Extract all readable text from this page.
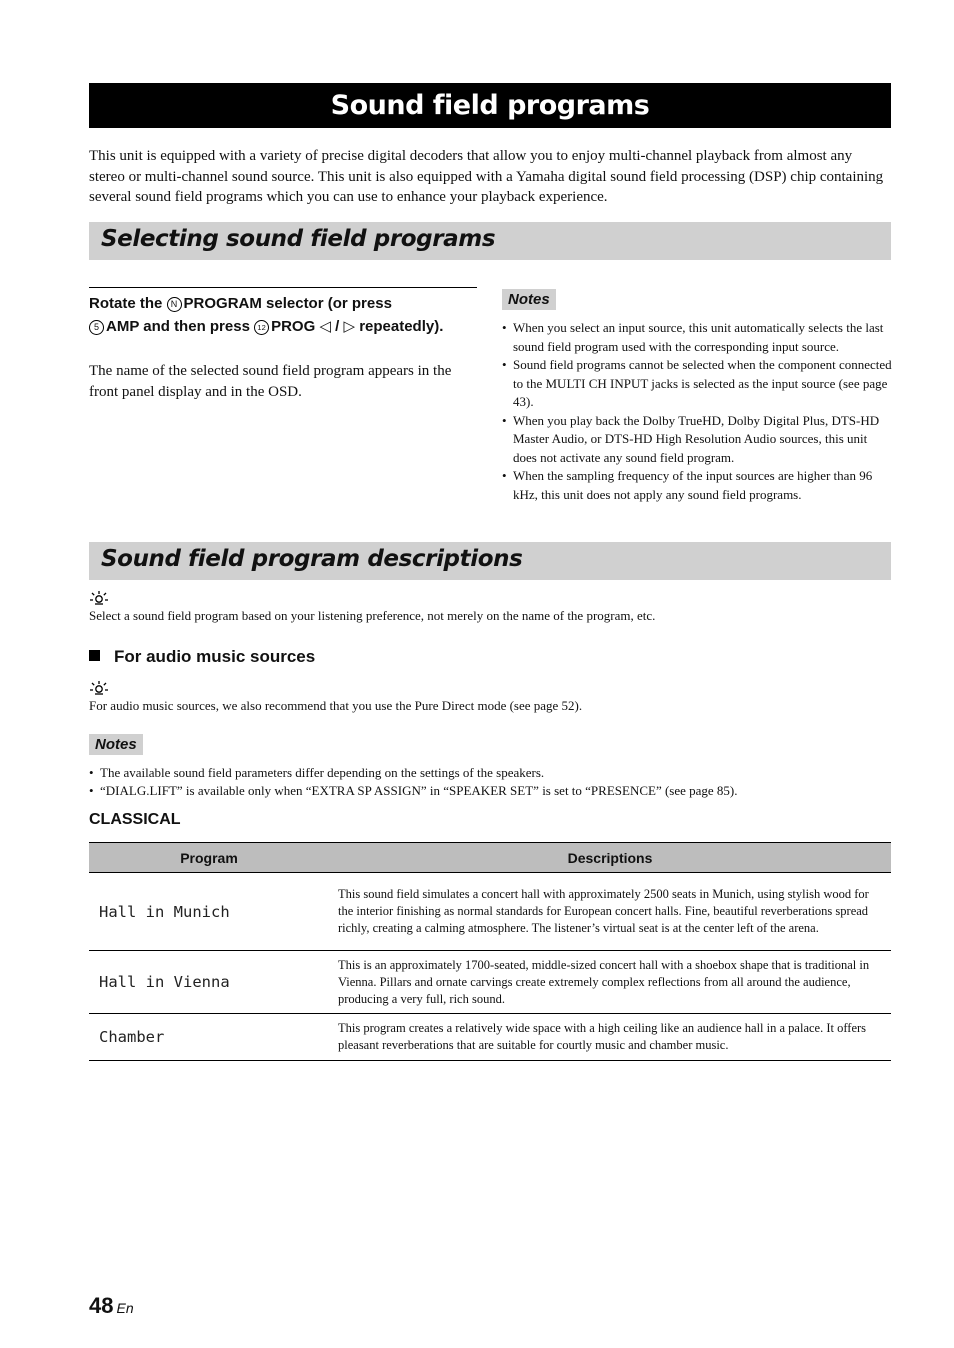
Sound field programs
This unit is equipped with a variety of precise digital decoders that allow you to enjoy multi-channel playback from almost any stereo or multi-channel sound source. This unit is also equipped with a Yamaha digital sound field processing (DSP) chip containing several sound field programs which you can use to enhance your playback experience.
Selecting sound field programs
Rotate the N PROGRAM selector (or press
5 AMP and then press 12 PROG ◁ / ▷ repeatedly).
The name of the selected sound field program appears in the front panel display and in the OSD.
Notes
• When you select an input source, this unit automatically selects the last sound field program used with the corresponding input source.
• Sound field programs cannot be selected when the component connected to the MULTI CH INPUT jacks is selected as the input source (see page 43).
• When you play back the Dolby TrueHD, Dolby Digital Plus, DTS-HD Master Audio, or DTS-HD High Resolution Audio sources, this unit does not activate any sound field program.
• When the sampling frequency of the input sources are higher than 96 kHz, this unit does not apply any sound field programs.
Sound field program descriptions
Select a sound field program based on your listening preference, not merely on the name of the program, etc.
For audio music sources
For audio music sources, we also recommend that you use the Pure Direct mode (see page 52).
Notes
• The available sound field parameters differ depending on the settings of the speakers.
• “DIALG.LIFT” is available only when “EXTRA SP ASSIGN” in “SPEAKER SET” is set to “PRESENCE” (see page 85).
CLASSICAL
Program	Descriptions
Hall in Munich	This sound field simulates a concert hall with approximately 2500 seats in Munich, using stylish wood for the interior finishing as normal standards for European concert halls. Fine, beautiful reverberations spread richly, creating a calming atmosphere. The listener’s virtual seat is at the center left of the arena.
Hall in Vienna	This is an approximately 1700-seated, middle-sized concert hall with a shoebox shape that is traditional in Vienna. Pillars and ornate carvings create extremely complex reflections from all around the audience, producing a very full, rich sound.
Chamber	This program creates a relatively wide space with a high ceiling like an audience hall in a palace. It offers pleasant reverberations that are suitable for courtly music and chamber music.
48 En
